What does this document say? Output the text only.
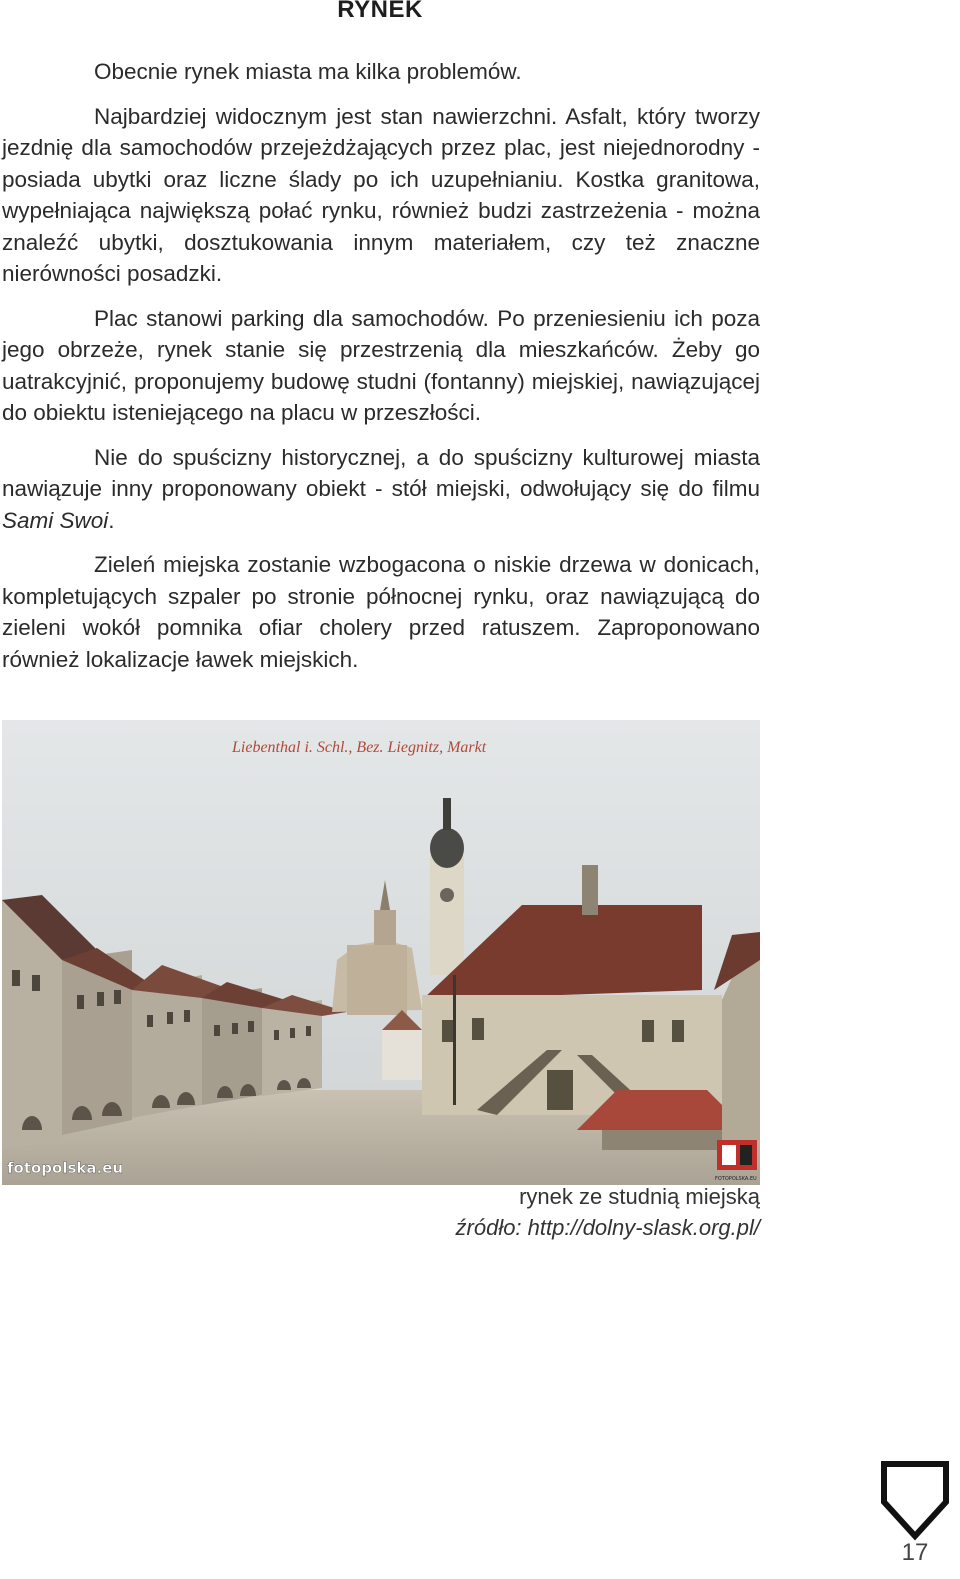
RYNEK

Obecnie rynek miasta ma kilka problemów.

Najbardziej widocznym jest stan nawierzchni. Asfalt, który tworzy jezdnię dla samochodów przejeżdżających przez plac, jest niejednorodny - posiada ubytki oraz liczne ślady po ich uzupełnianiu. Kostka granitowa, wypełniająca największą połać rynku, również budzi zastrzeżenia - można znaleźć ubytki, dosztukowania innym materiałem, czy też znaczne nierówności posadzki.

Plac stanowi parking dla samochodów. Po przeniesieniu ich poza jego obrzeże, rynek stanie się przestrzenią dla mieszkańców. Żeby go uatrakcyjnić, proponujemy budowę studni (fontanny) miejskiej, nawiązującej do obiektu isteniejącego na placu w przeszłości.

Nie do spuścizny historycznej, a do spuścizny kulturowej miasta nawiązuje inny proponowany obiekt - stół miejski, odwołujący się do filmu Sami Swoi.

Zieleń miejska zostanie wzbogacona o niskie drzewa w donicach, kompletujących szpaler po stronie północnej rynku, oraz nawiązującą do zieleni wokół pomnika ofiar cholery przed ratuszem. Zaproponowano również lokalizacje ławek miejskich.

Liebenthal i. Schl., Bez. Liegnitz, Markt
fotopolska.eu
FOTOPOLSKA.EU
rynek ze studnią miejską
źródło: http://dolny-slask.org.pl/
17
